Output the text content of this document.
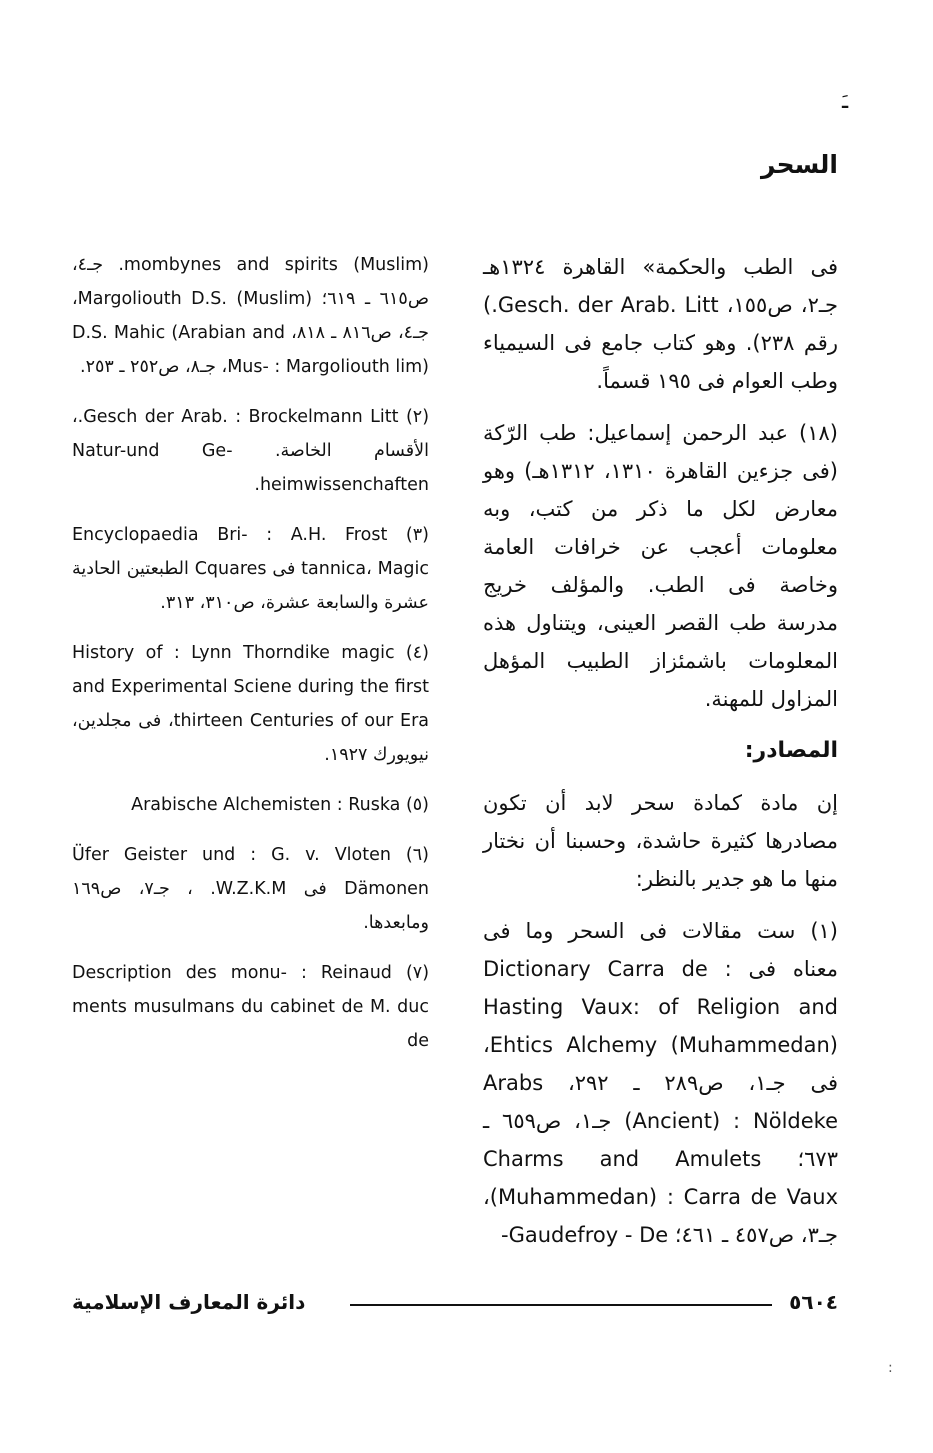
ـَ
السحر

فى الطب والحكمة» القاهرة ١٣٢٤هـ جـ٢، ص١٥٥، Gesch. der Arab. Litt.) رقم ٢٣٨). وهو كتاب جامع فى السيمياء وطب العوام فى ١٩٥ قسماً.

(١٨) عبد الرحمن إسماعيل: طب الرّكة (فى جزءين القاهرة ١٣١٠، ١٣١٢هـ) وهو معارض لكل ما ذكر من كتب، وبه معلومات أعجب عن خرافات العامة وخاصة فى الطب. والمؤلف خريج مدرسة طب القصر العينى، ويتناول هذه المعلومات باشمئزاز الطبيب المؤهل المزاول للمهنة.

المصادر:

إن مادة كمادة سحر لابد أن تكون مصادرها كثيرة حاشدة، وحسبنا أن نختار منها ما هو جدير بالنظر:

(١) ست مقالات فى السحر وما فى معناه فى Dictionary Carra de : Hasting Vaux: of Religion and Ehtics Alchemy (Muhammedan)، فى جـ١، ص٢٨٩ ـ ٢٩٢، Arabs (Ancient) : Nöldeke جـ١، ص٦٥٩ ـ ٦٧٣؛ Charms and Amulets (Muhammedan) : Carra de Vaux، جـ٣، ص٤٥٧ ـ ٤٦١؛ Gaudefroy - De-

mombynes and spirits (Muslim). جـ٤، ص٦١٥ ـ ٦١٩؛ Margoliouth D.S. (Muslim)، جـ٤، ص٨١٦ ـ ٨١٨، D.S. Mahic (Arabian and Mus- : Margoliouth lim)، جـ٨، ص٢٥٢ ـ ٢٥٣.

(٢) Gesch der Arab. : Brockelmann Litt.، الأقسام الخاصة. Natur-und Ge- heimwissenchaften.

(٣) Encyclopaedia Bri- : A.H. Frost tannica، Magic فى Cquares الطبعتين الحادية عشرة والسابعة عشرة، ص٣١٠، ٣١٣.

(٤) History of : Lynn Thorndike magic and Experimental Sciene during the first thirteen Centuries of our Era، فى مجلدين، نيويورك ١٩٢٧.

(٥) Arabische Alchemisten : Ruska

(٦) Üfer Geister und : G. v. Vloten Dämonen فى W.Z.K.M. ، جـ٧، ص١٦٩ ومابعدها.

(٧) Description des monu- : Reinaud ments musulmans du cabinet de M. duc de

دائرة المعارف الإسلامية	٥٦٠٤
:
